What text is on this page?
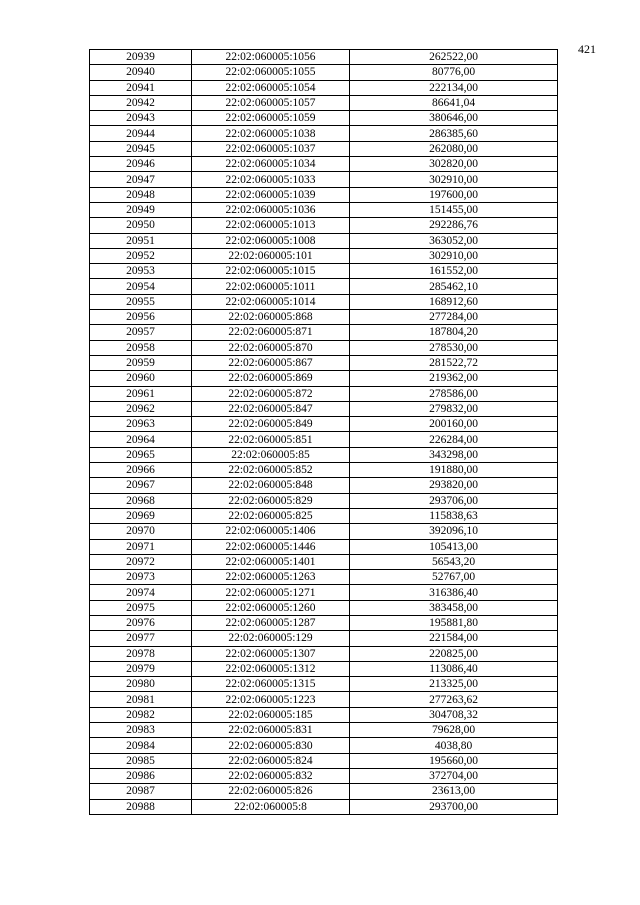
421
20939	22:02:060005:1056	262522,00
20940	22:02:060005:1055	80776,00
20941	22:02:060005:1054	222134,00
20942	22:02:060005:1057	86641,04
20943	22:02:060005:1059	380646,00
20944	22:02:060005:1038	286385,60
20945	22:02:060005:1037	262080,00
20946	22:02:060005:1034	302820,00
20947	22:02:060005:1033	302910,00
20948	22:02:060005:1039	197600,00
20949	22:02:060005:1036	151455,00
20950	22:02:060005:1013	292286,76
20951	22:02:060005:1008	363052,00
20952	22:02:060005:101	302910,00
20953	22:02:060005:1015	161552,00
20954	22:02:060005:1011	285462,10
20955	22:02:060005:1014	168912,60
20956	22:02:060005:868	277284,00
20957	22:02:060005:871	187804,20
20958	22:02:060005:870	278530,00
20959	22:02:060005:867	281522,72
20960	22:02:060005:869	219362,00
20961	22:02:060005:872	278586,00
20962	22:02:060005:847	279832,00
20963	22:02:060005:849	200160,00
20964	22:02:060005:851	226284,00
20965	22:02:060005:85	343298,00
20966	22:02:060005:852	191880,00
20967	22:02:060005:848	293820,00
20968	22:02:060005:829	293706,00
20969	22:02:060005:825	115838,63
20970	22:02:060005:1406	392096,10
20971	22:02:060005:1446	105413,00
20972	22:02:060005:1401	56543,20
20973	22:02:060005:1263	52767,00
20974	22:02:060005:1271	316386,40
20975	22:02:060005:1260	383458,00
20976	22:02:060005:1287	195881,80
20977	22:02:060005:129	221584,00
20978	22:02:060005:1307	220825,00
20979	22:02:060005:1312	113086,40
20980	22:02:060005:1315	213325,00
20981	22:02:060005:1223	277263,62
20982	22:02:060005:185	304708,32
20983	22:02:060005:831	79628,00
20984	22:02:060005:830	4038,80
20985	22:02:060005:824	195660,00
20986	22:02:060005:832	372704,00
20987	22:02:060005:826	23613,00
20988	22:02:060005:8	293700,00
